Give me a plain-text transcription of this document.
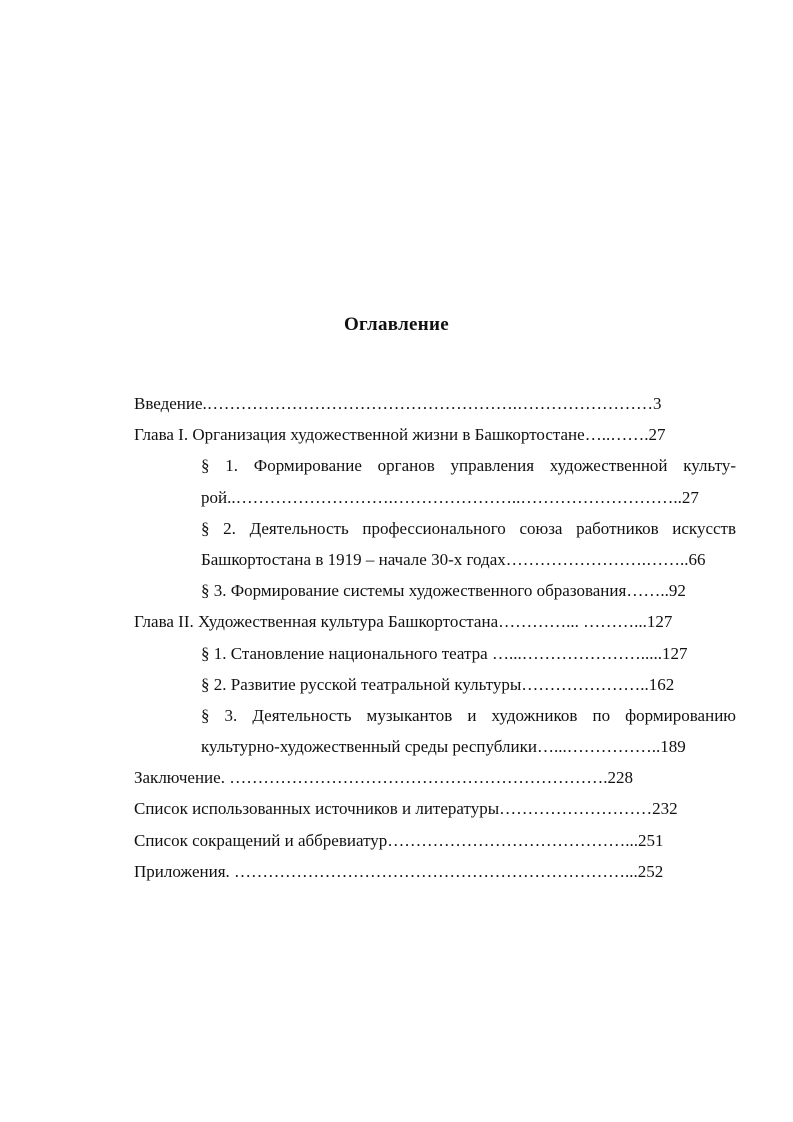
Оглавление
Введение.……………………………………………….……………………3
Глава I. Организация художественной жизни в Башкортостане…..…….27
§ 1. Формирование органов управления художественной культу-
рой..……………………….…………………..………………………..27
§ 2. Деятельность профессионального союза работников искусств
Башкортостана в 1919 – начале 30-х годах…………………….……..66
§ 3. Формирование системы художественного образования……..92
Глава II. Художественная культура Башкортостана…………... ………...127
§ 1. Становление национального театра …...………………….....127
§ 2. Развитие русской театральной культуры…………………..162
§ 3. Деятельность музыкантов и художников по формированию
культурно-художественный среды республики…...……………..189
Заключение. ………………………………………………………….228
Список использованных источников и литературы………………………232
Список сокращений и аббревиатур……………………………………...251
Приложения. ……………………………………………………………...252
